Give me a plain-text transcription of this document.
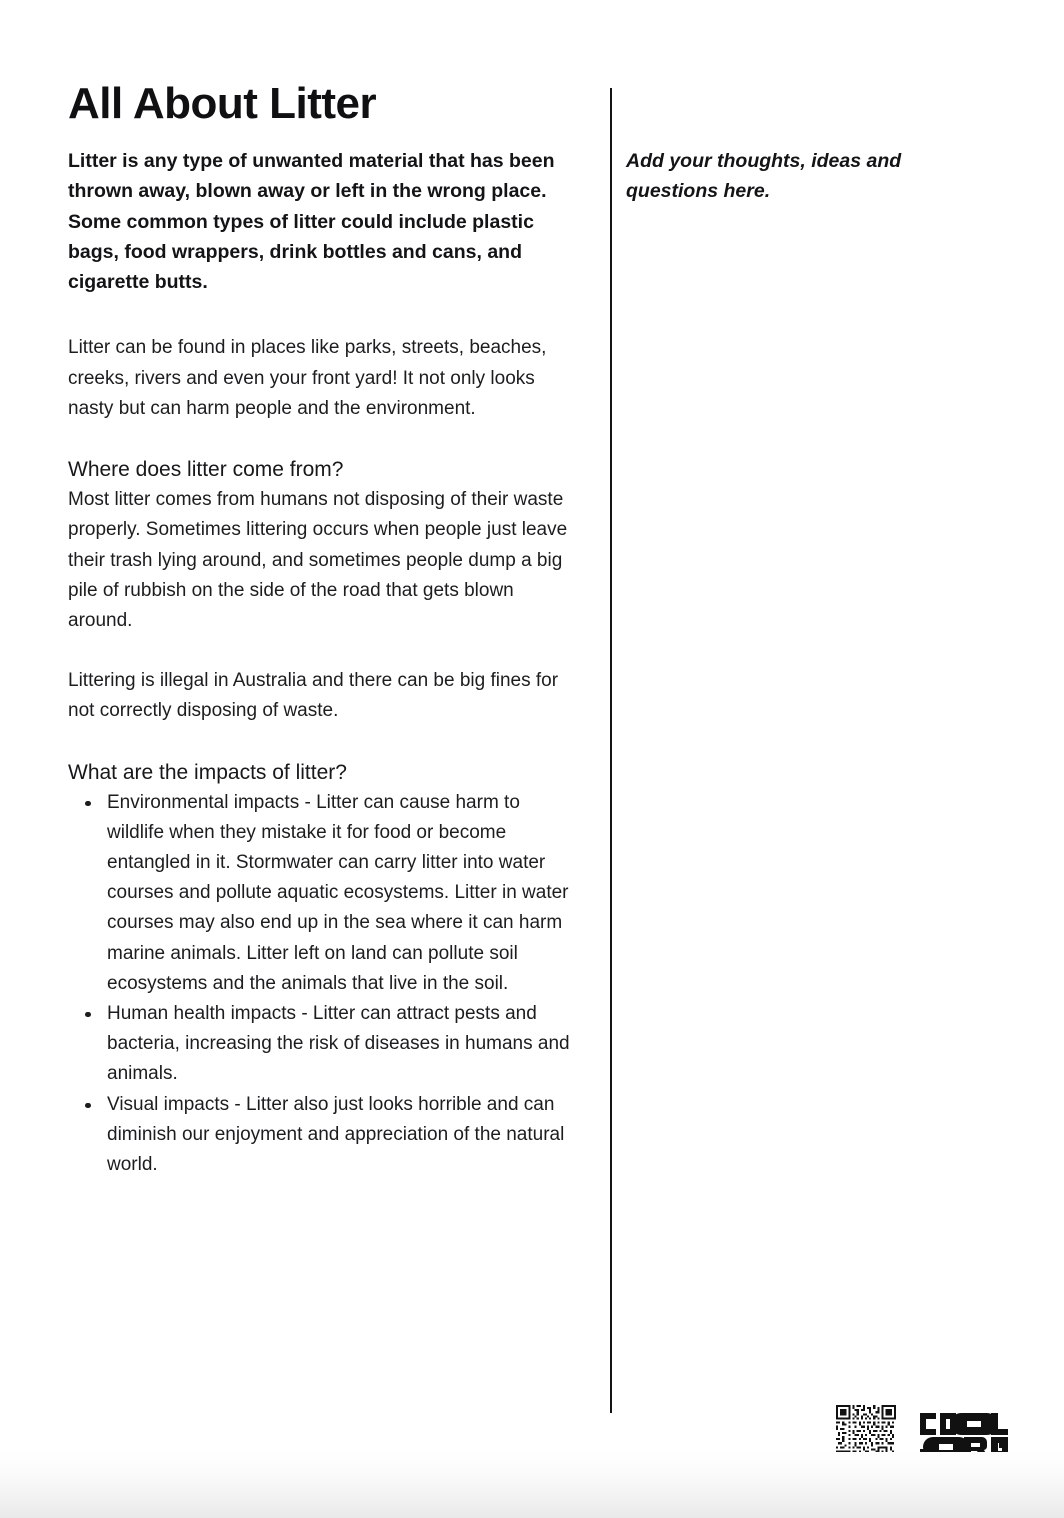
All About Litter

Litter is any type of unwanted material that has been thrown away, blown away or left in the wrong place. Some common types of litter could include plastic bags, food wrappers, drink bottles and cans, and cigarette butts.

Litter can be found in places like parks, streets, beaches, creeks, rivers and even your front yard! It not only looks nasty but can harm people and the environment.

Where does litter come from?

Most litter comes from humans not disposing of their waste properly. Sometimes littering occurs when people just leave their trash lying around, and sometimes people dump a big pile of rubbish on the side of the road that gets blown around.

Littering is illegal in Australia and there can be big fines for not correctly disposing of waste.

What are the impacts of litter?
Environmental impacts - Litter can cause harm to wildlife when they mistake it for food or become entangled in it. Stormwater can carry litter into water courses and pollute aquatic ecosystems. Litter in water courses may also end up in the sea where it can harm marine animals. Litter left on land can pollute soil ecosystems and the animals that live in the soil.
Human health impacts - Litter can attract pests and bacteria, increasing the risk of diseases in humans and animals.
Visual impacts - Litter also just looks horrible and can diminish our enjoyment and appreciation of the natural world.

Add your thoughts, ideas and questions here.
